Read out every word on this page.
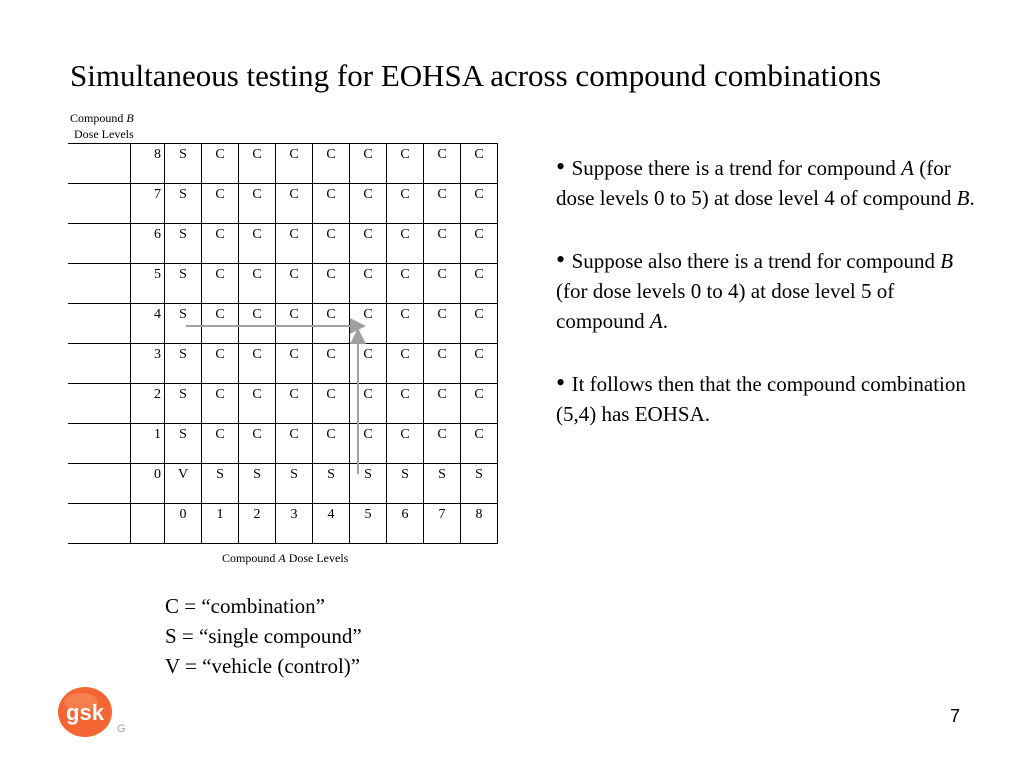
Simultaneous testing for EOHSA across compound combinations
Compound B
Dose Levels
	8	S	C	C	C	C	C	C	C	C
	7	S	C	C	C	C	C	C	C	C
	6	S	C	C	C	C	C	C	C	C
	5	S	C	C	C	C	C	C	C	C
	4	S	C	C	C	C	C	C	C	C
	3	S	C	C	C	C	C	C	C	C
	2	S	C	C	C	C	C	C	C	C
	1	S	C	C	C	C	C	C	C	C
	0	V	S	S	S	S	S	S	S	S
		0	1	2	3	4	5	6	7	8
Compound A Dose Levels

• Suppose there is a trend for compound A (for dose levels 0 to 5) at dose level 4 of compound B.

• Suppose also there is a trend for compound B (for dose levels 0 to 4) at dose level 5 of compound A.

• It follows then that the compound combination (5,4) has EOHSA.

C = “combination”
S = “single compound”
V = “vehicle (control)”
gsk
G
7
